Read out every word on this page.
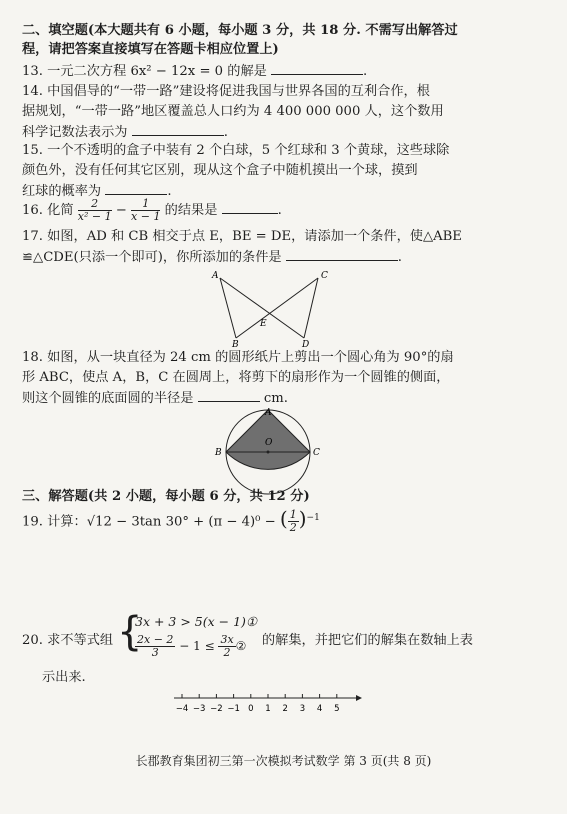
二、填空题(本大题共有 6 小题，每小题 3 分，共 18 分. 不需写出解答过
程，请把答案直接填写在答题卡相应位置上)
13. 一元二次方程 6x² − 12x = 0 的解是	.
14. 中国倡导的“一带一路”建设将促进我国与世界各国的互利合作，根
据规划，“一带一路”地区覆盖总人口约为 4 400 000 000 人，这个数用
科学记数法表示为	.
15. 一个不透明的盒子中装有 2 个白球，5 个红球和 3 个黄球，这些球除
颜色外，没有任何其它区别，现从这个盒子中随机摸出一个球，摸到
红球的概率为	.
16. 化简 $\frac{2}{\text{x² − 1}} - \frac{1}{x - 1}$ 的结果是	.
17. 如图，AD 和 CB 相交于点 E，BE = DE，请添加一个条件，使△ABE
≌△CDE(只添一个即可)，你所添加的条件是	.
A	C
E
B	D
18. 如图，从一块直径为 24 cm 的圆形纸片上剪出一个圆心角为 90°的扇
形 ABC，使点 A，B，C 在圆周上，将剪下的扇形作为一个圆锥的侧面，
则这个圆锥的底面圆的半径是	cm.
A
B	C
O
三、解答题(共 2 小题，每小题 6 分，共 12 分)
19. 计算：√12 − 3tan 30° + (π − 4)⁰ − ( $\frac{1}{2} )^{-1}$
20. 求不等式组 {
3x + 3 > 5(x − 1)①
$\frac{2x - 2}{3} - 1 \le \frac{3x}{2}$ ② 的解集，并把它们的解集在数轴上表
示出来.
−4 −3 −2 −1 0 1 2 3 4 5
长郡教育集团初三第一次模拟考试数学 第 3 页(共 8 页)
